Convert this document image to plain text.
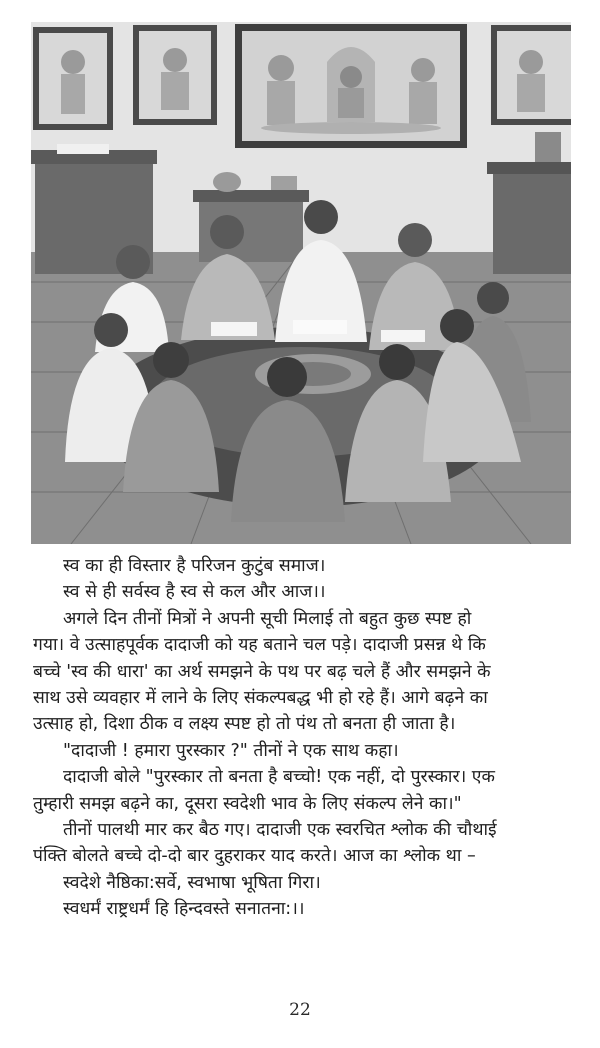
स्व का ही विस्तार है परिजन कुटुंब समाज।
स्व से ही सर्वस्व है स्व से कल और आज।।
अगले दिन तीनों मित्रों ने अपनी सूची मिलाई तो बहुत कुछ स्पष्ट हो
गया। वे उत्साहपूर्वक दादाजी को यह बताने चल पड़े। दादाजी प्रसन्न थे कि
बच्चे 'स्व की धारा' का अर्थ समझने के पथ पर बढ़ चले हैं और समझने के
साथ उसे व्यवहार में लाने के लिए संकल्पबद्ध भी हो रहे हैं। आगे बढ़ने का
उत्साह हो, दिशा ठीक व लक्ष्य स्पष्ट हो तो पंथ तो बनता ही जाता है।
"दादाजी ! हमारा पुरस्कार ?" तीनों ने एक साथ कहा।
दादाजी बोले "पुरस्कार तो बनता है बच्चो! एक नहीं, दो पुरस्कार। एक
तुम्हारी समझ बढ़ने का, दूसरा स्वदेशी भाव के लिए संकल्प लेने का।"
तीनों पालथी मार कर बैठ गए। दादाजी एक स्वरचित श्लोक की चौथाई
पंक्ति बोलते बच्चे दो-दो बार दुहराकर याद करते। आज का श्लोक था –
स्वदेशे नैष्ठिका:सर्वे, स्वभाषा भूषिता गिरा।
स्वधर्मं राष्ट्रधर्मं हि हिन्दवस्ते सनातना:।।
22
